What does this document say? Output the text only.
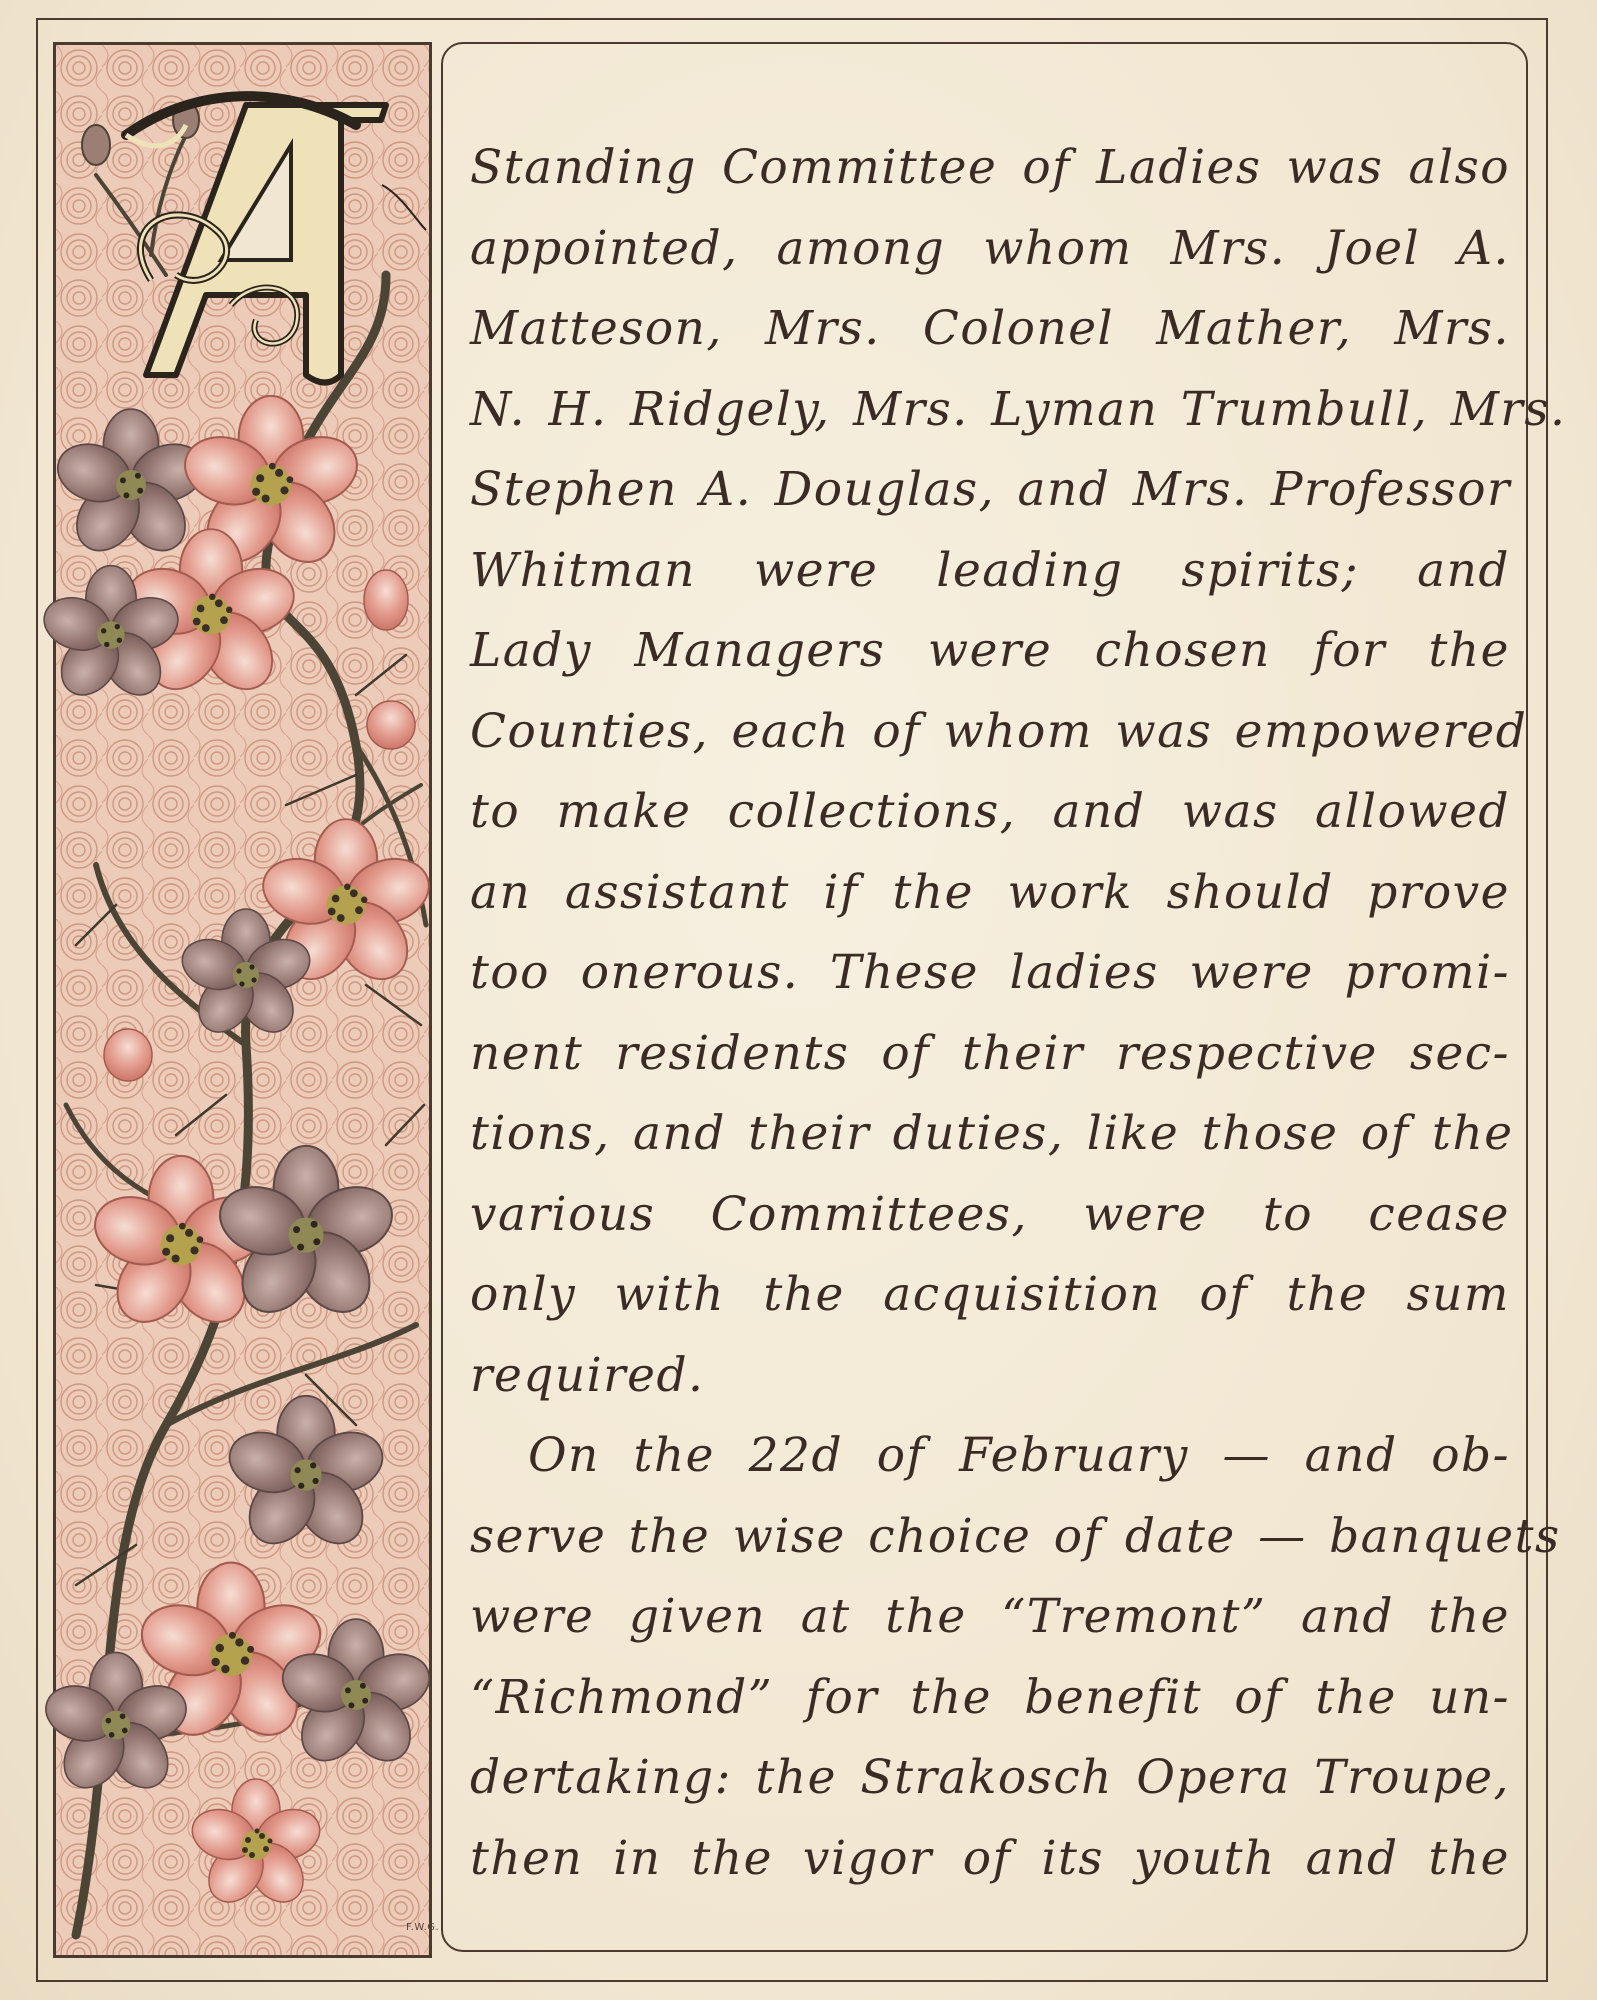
F.W.G.
Standing Committee of Ladies was also
appointed, among whom Mrs. Joel A.
Matteson, Mrs. Colonel Mather, Mrs.
N. H. Ridgely, Mrs. Lyman Trumbull, Mrs.
Stephen A. Douglas, and Mrs. Professor
Whitman were leading spirits; and
Lady Managers were chosen for the
Counties, each of whom was empowered
to make collections, and was allowed
an assistant if the work should prove
too onerous. These ladies were promi-
nent residents of their respective sec-
tions, and their duties, like those of the
various Committees, were to cease
only with the acquisition of the sum
required.
On the 22d of February — and ob-
serve the wise choice of date — banquets
were given at the “Tremont” and the
“Richmond” for the benefit of the un-
dertaking: the Strakosch Opera Troupe,
then in the vigor of its youth and the
